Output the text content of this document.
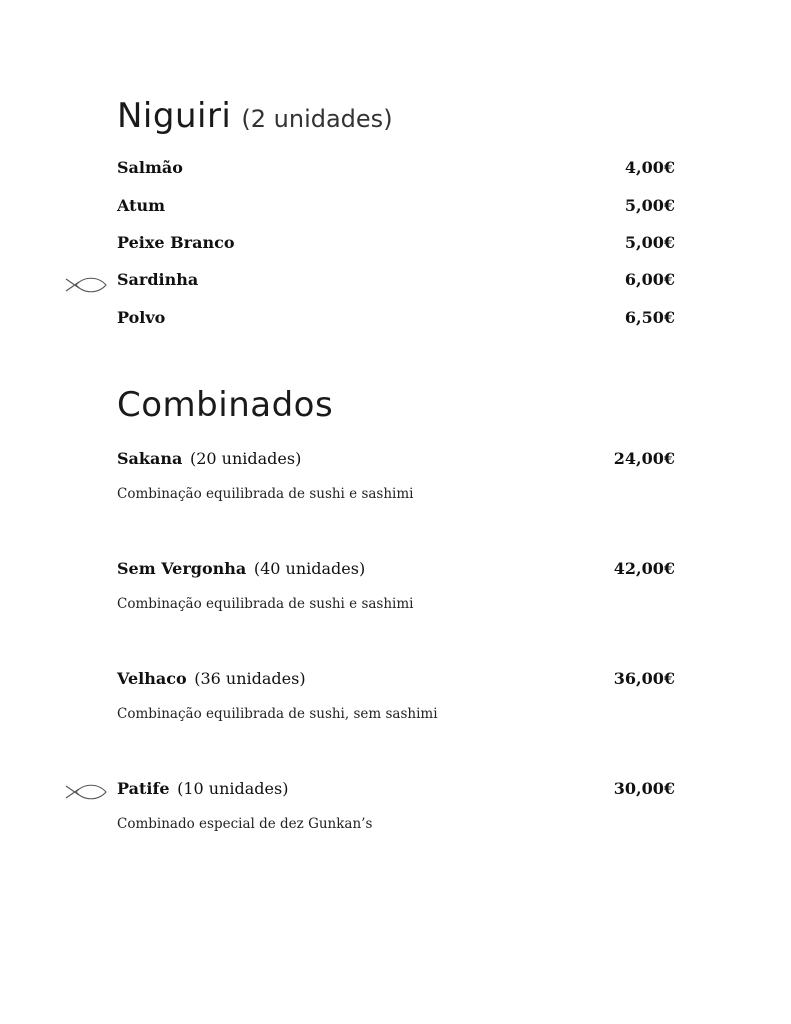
Niguiri (2 unidades)
Salmão	4,00€
Atum	5,00€
Peixe Branco	5,00€
Sardinha	6,00€
Polvo	6,50€
Combinados
Sakana (20 unidades)	24,00€
Combinação equilibrada de sushi e sashimi
Sem Vergonha (40 unidades)	42,00€
Combinação equilibrada de sushi e sashimi
Velhaco (36 unidades)	36,00€
Combinação equilibrada de sushi, sem sashimi
Patife (10 unidades)	30,00€
Combinado especial de dez Gunkan’s
